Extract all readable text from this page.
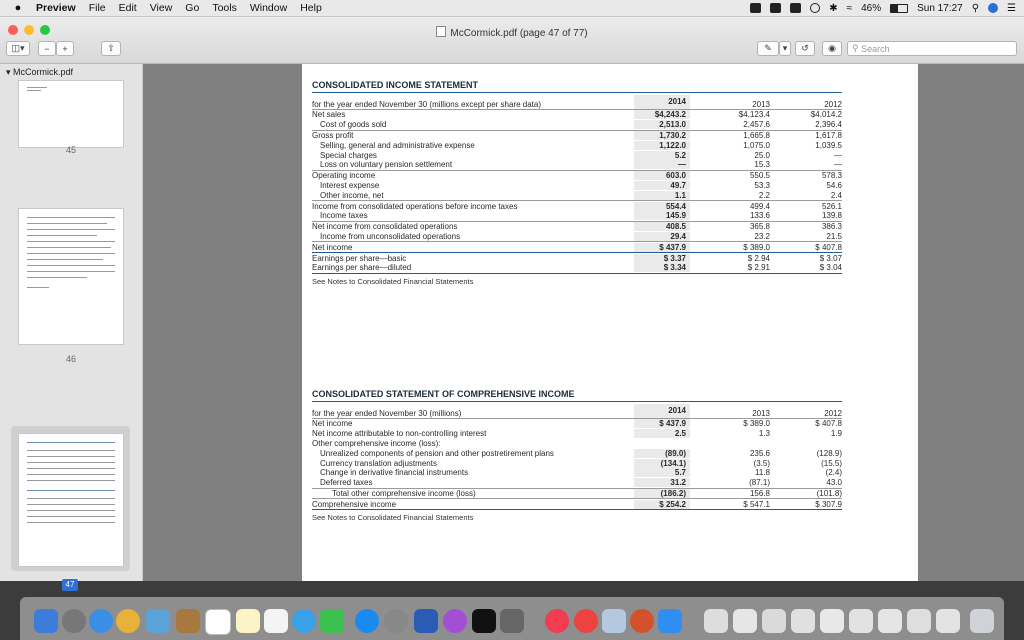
●	Preview File Edit View Go Tools Window Help	✱ ≈ 46%	Sun 17:27 ⚲	☰
McCormick.pdf (page 47 of 77)
◫▾	−	+	⇧	✎	▾	↺	◉	⚲ Search
▾ McCormick.pdf
45
46
47
CONSOLIDATED INCOME STATEMENT
for the year ended November 30 (millions except per share data)	2014	2013	2012
Net sales	$4,243.2	$4,123.4	$4,014.2
Cost of goods sold	2,513.0	2,457.6	2,396.4
Gross profit	1,730.2	1,665.8	1,617.8
Selling, general and administrative expense	1,122.0	1,075.0	1,039.5
Special charges	5.2	25.0	—
Loss on voluntary pension settlement	—	15.3	—
Operating income	603.0	550.5	578.3
Interest expense	49.7	53.3	54.6
Other income, net	1.1	2.2	2.4
Income from consolidated operations before income taxes	554.4	499.4	526.1
Income taxes	145.9	133.6	139.8
Net income from consolidated operations	408.5	365.8	386.3
Income from unconsolidated operations	29.4	23.2	21.5
Net income	$ 437.9	$ 389.0	$ 407.8
Earnings per share—basic	$ 3.37	$ 2.94	$ 3.07
Earnings per share—diluted	$ 3.34	$ 2.91	$ 3.04
See Notes to Consolidated Financial Statements
CONSOLIDATED STATEMENT OF COMPREHENSIVE INCOME
for the year ended November 30 (millions)	2014	2013	2012
Net income	$ 437.9	$ 389.0	$ 407.8
Net income attributable to non-controlling interest	2.5	1.3	1.9
Other comprehensive income (loss):
Unrealized components of pension and other postretirement plans	(89.0)	235.6	(128.9)
Currency translation adjustments	(134.1)	(3.5)	(15.5)
Change in derivative financial instruments	5.7	11.8	(2.4)
Deferred taxes	31.2	(87.1)	43.0
Total other comprehensive income (loss)	(186.2)	156.8	(101.8)
Comprehensive income	$ 254.2	$ 547.1	$ 307.9
See Notes to Consolidated Financial Statements
